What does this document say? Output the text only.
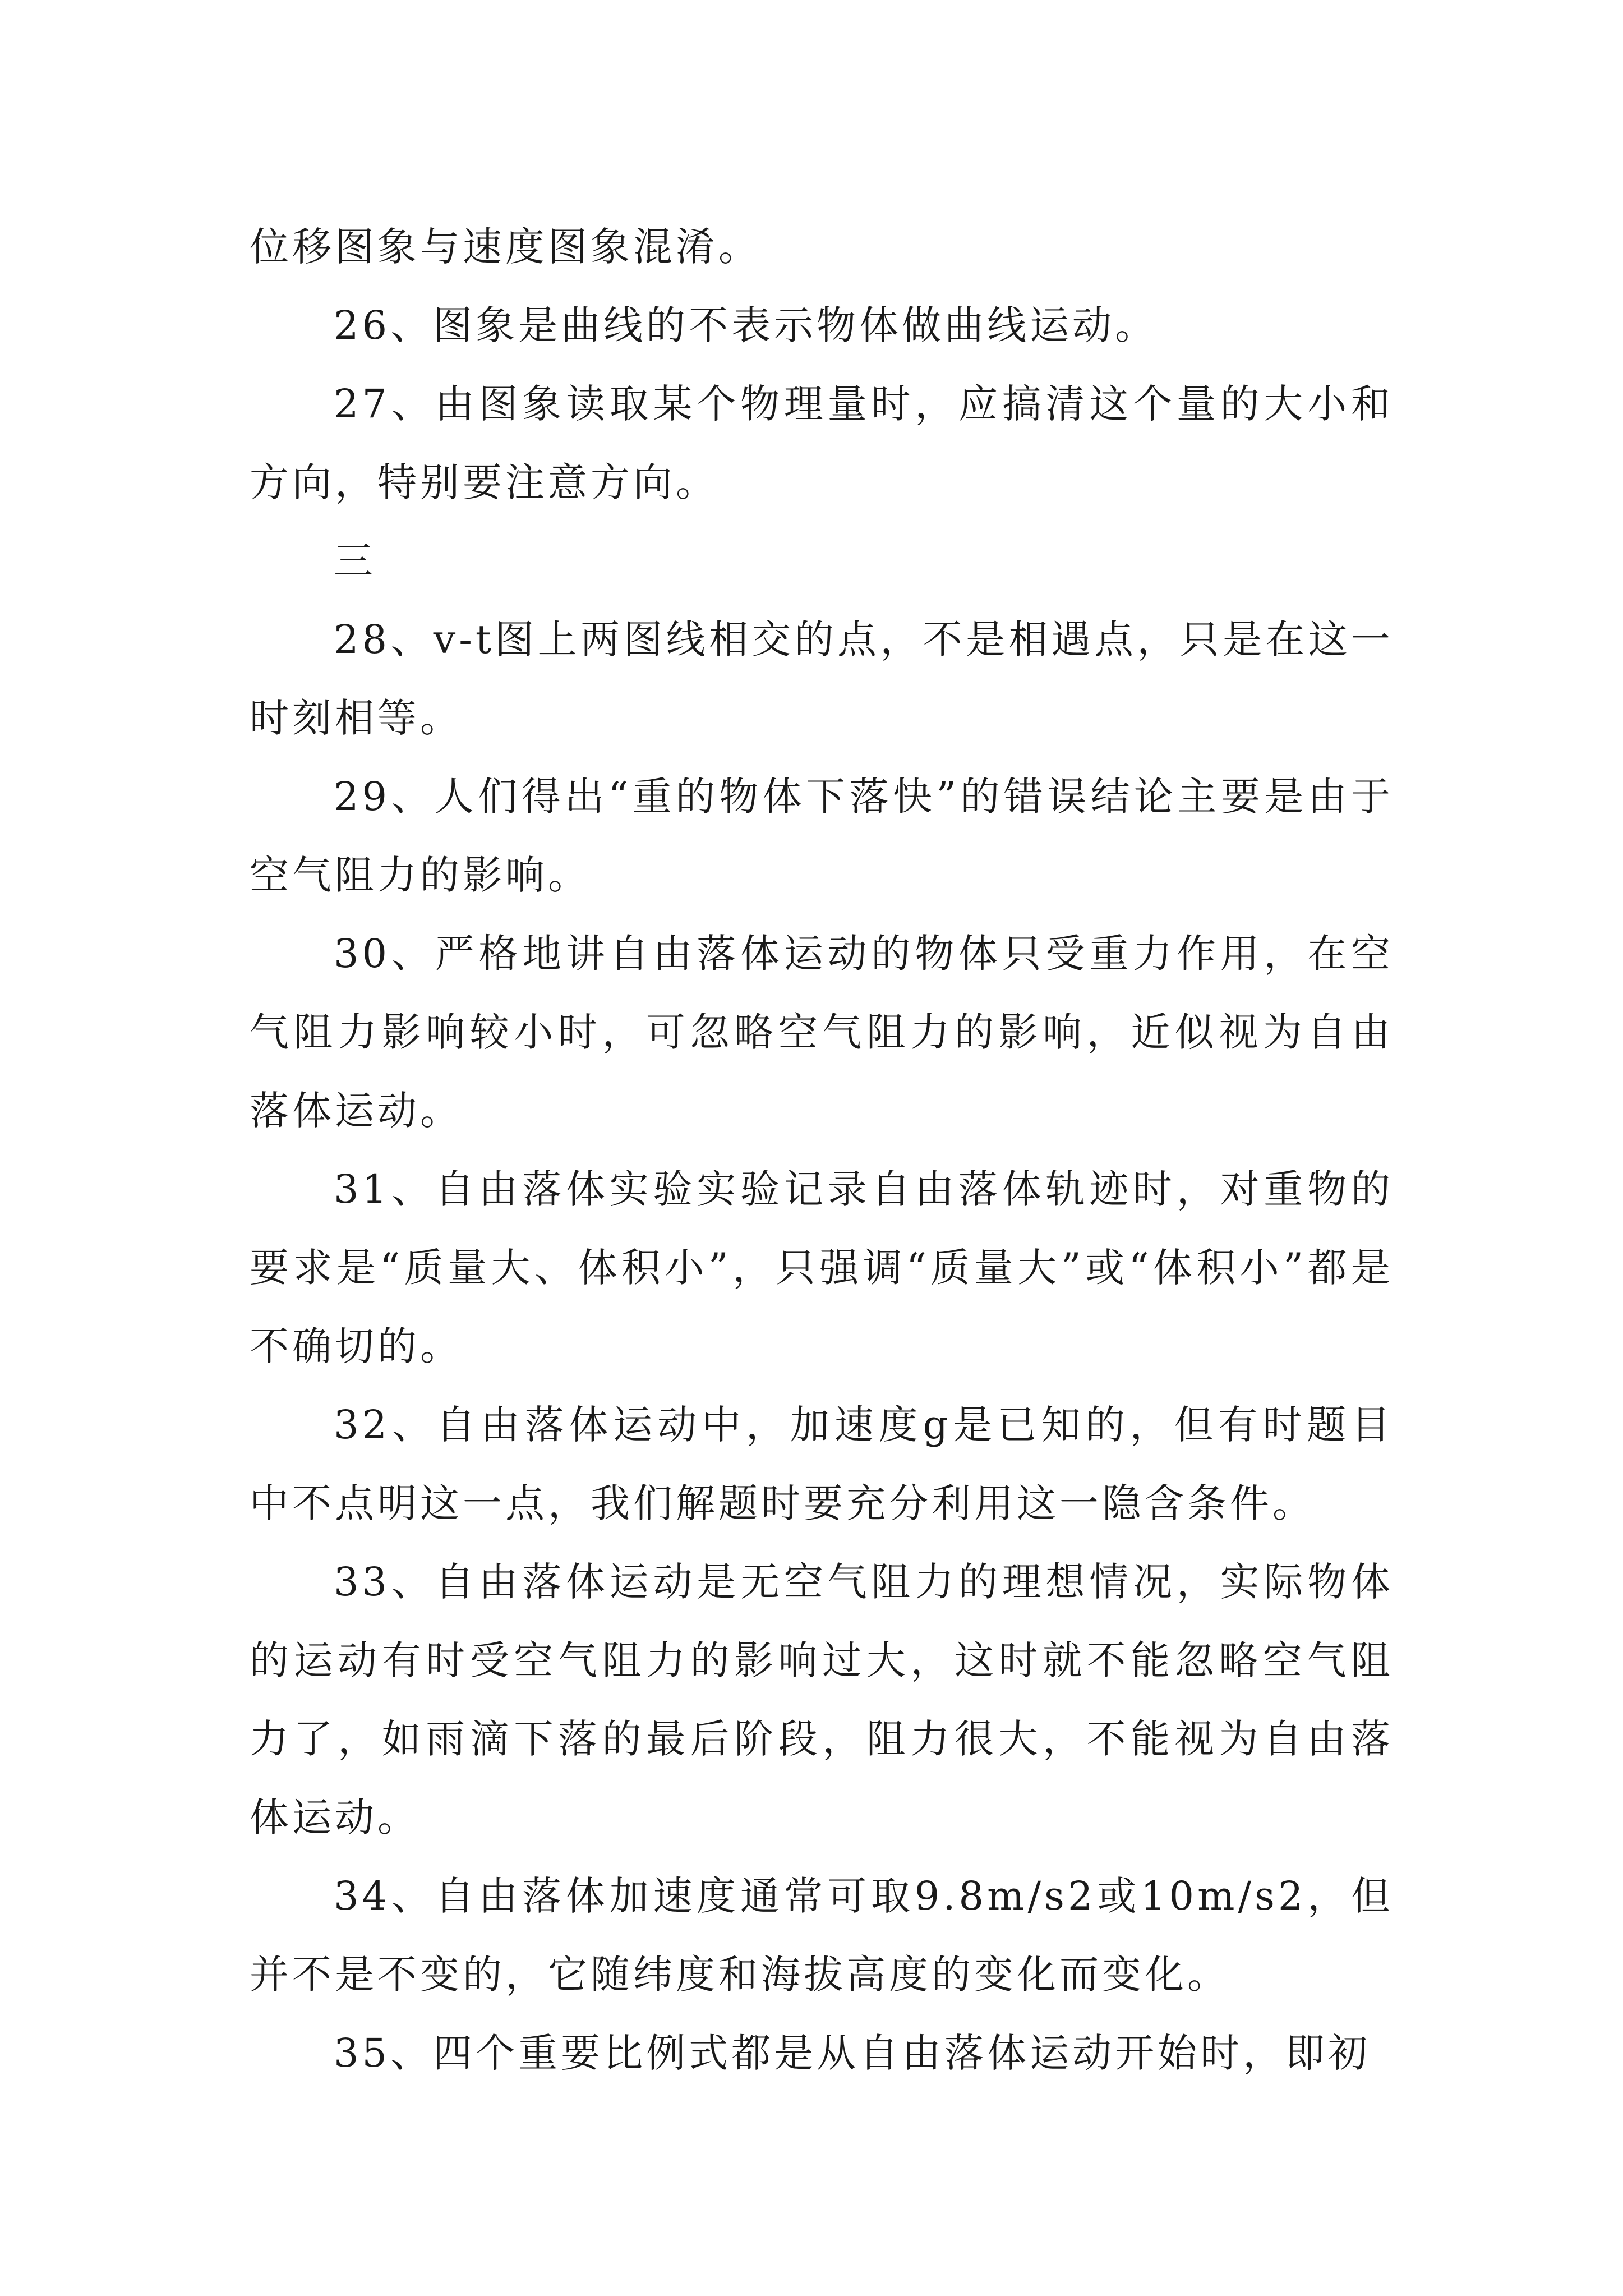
位移图象与速度图象混淆。

26、图象是曲线的不表示物体做曲线运动。

27、由图象读取某个物理量时，应搞清这个量的大小和方向，特别要注意方向。

三

28、v-t图上两图线相交的点，不是相遇点，只是在这一时刻相等。

29、人们得出“重的物体下落快”的错误结论主要是由于空气阻力的影响。

30、严格地讲自由落体运动的物体只受重力作用，在空气阻力影响较小时，可忽略空气阻力的影响，近似视为自由落体运动。

31、自由落体实验实验记录自由落体轨迹时，对重物的要求是“质量大、体积小”，只强调“质量大”或“体积小”都是不确切的。

32、自由落体运动中，加速度g是已知的，但有时题目中不点明这一点，我们解题时要充分利用这一隐含条件。

33、自由落体运动是无空气阻力的理想情况，实际物体的运动有时受空气阻力的影响过大，这时就不能忽略空气阻力了，如雨滴下落的最后阶段，阻力很大，不能视为自由落体运动。

34、自由落体加速度通常可取9.8m/s2或10m/s2，但并不是不变的，它随纬度和海拔高度的变化而变化。

35、四个重要比例式都是从自由落体运动开始时，即初
